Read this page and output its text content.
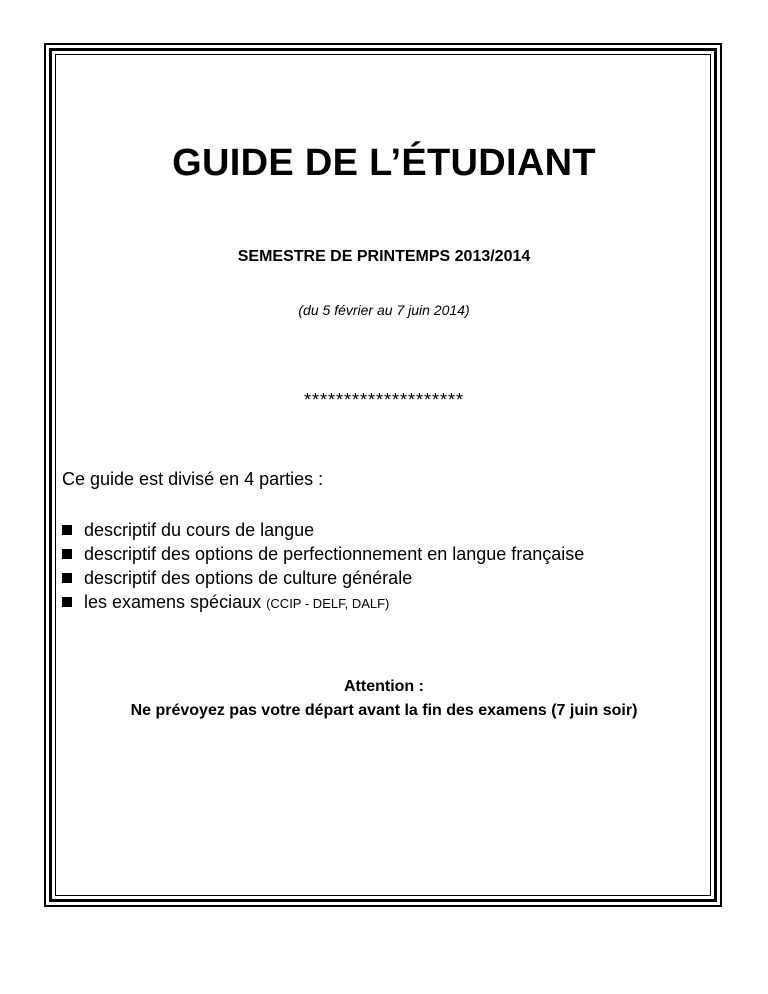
GUIDE DE L’ÉTUDIANT
SEMESTRE DE PRINTEMPS 2013/2014
(du 5 février au 7 juin 2014)
********************
Ce guide est divisé en 4 parties :
descriptif du cours de langue
descriptif des options de perfectionnement en langue française
descriptif des options de culture générale
les examens spéciaux (CCIP - DELF, DALF)
Attention :
Ne prévoyez pas votre départ avant la fin des examens (7 juin soir)
